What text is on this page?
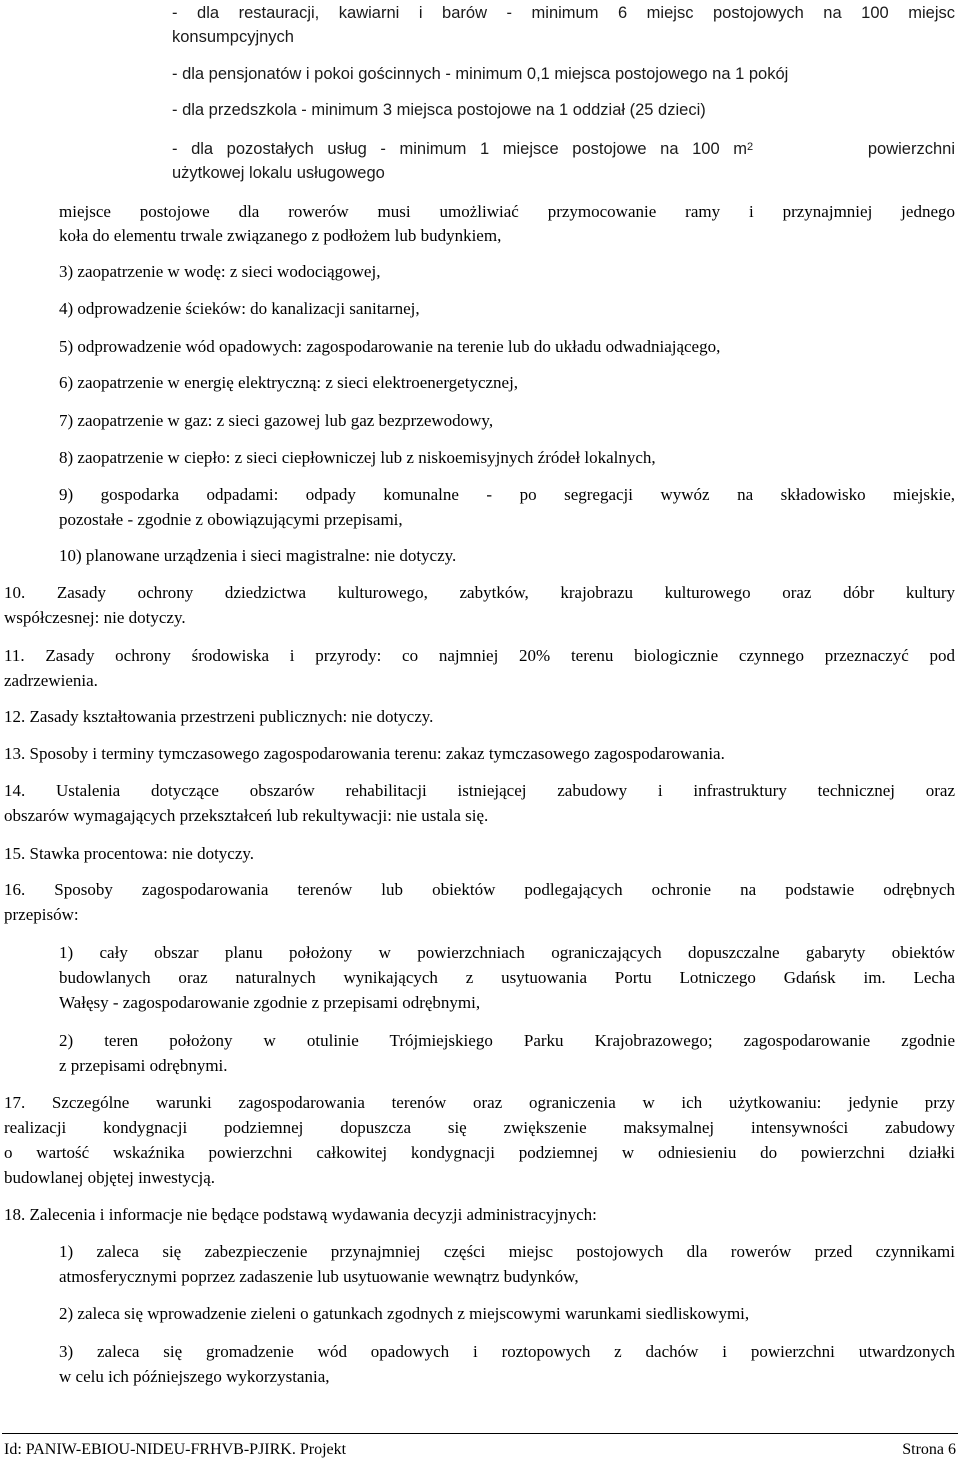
- dla restauracji, kawiarni i barów - minimum 6 miejsc postojowych na 100 miejsc
konsumpcyjnych
- dla pensjonatów i pokoi gościnnych - minimum 0,1 miejsca postojowego na 1 pokój
- dla przedszkola - minimum 3 miejsca postojowe na 1 oddział (25 dzieci)
- dla pozostałych usług - minimum 1 miejsce postojowe na 100 $m^2$	powierzchni
użytkowej lokalu usługowego
miejsce postojowe dla rowerów musi umożliwiać przymocowanie ramy i przynajmniej jednego
koła do elementu trwale związanego z podłożem lub budynkiem,
3) zaopatrzenie w wodę: z sieci wodociągowej,
4) odprowadzenie ścieków: do kanalizacji sanitarnej,
5) odprowadzenie wód opadowych: zagospodarowanie na terenie lub do układu odwadniającego,
6) zaopatrzenie w energię elektryczną: z sieci elektroenergetycznej,
7) zaopatrzenie w gaz: z sieci gazowej lub gaz bezprzewodowy,
8) zaopatrzenie w ciepło: z sieci ciepłowniczej lub z niskoemisyjnych źródeł lokalnych,
9) gospodarka odpadami: odpady komunalne - po segregacji wywóz na składowisko miejskie,
pozostałe - zgodnie z obowiązującymi przepisami,
10) planowane urządzenia i sieci magistralne: nie dotyczy.
10. Zasady ochrony dziedzictwa kulturowego, zabytków, krajobrazu kulturowego oraz dóbr kultury
współczesnej: nie dotyczy.
11. Zasady ochrony środowiska i przyrody: co najmniej 20% terenu biologicznie czynnego przeznaczyć pod
zadrzewienia.
12. Zasady kształtowania przestrzeni publicznych: nie dotyczy.
13. Sposoby i terminy tymczasowego zagospodarowania terenu: zakaz tymczasowego zagospodarowania.
14. Ustalenia dotyczące obszarów rehabilitacji istniejącej zabudowy i infrastruktury technicznej oraz
obszarów wymagających przekształceń lub rekultywacji: nie ustala się.
15. Stawka procentowa: nie dotyczy.
16. Sposoby zagospodarowania terenów lub obiektów podlegających ochronie na podstawie odrębnych
przepisów:
1) cały obszar planu położony w powierzchniach ograniczających dopuszczalne gabaryty obiektów
budowlanych oraz naturalnych wynikających z usytuowania Portu Lotniczego Gdańsk im. Lecha
Wałęsy - zagospodarowanie zgodnie z przepisami odrębnymi,
2) teren położony w otulinie Trójmiejskiego Parku Krajobrazowego; zagospodarowanie zgodnie
z przepisami odrębnymi.
17. Szczególne warunki zagospodarowania terenów oraz ograniczenia w ich użytkowaniu: jedynie przy
realizacji kondygnacji podziemnej dopuszcza się zwiększenie maksymalnej intensywności zabudowy
o wartość wskaźnika powierzchni całkowitej kondygnacji podziemnej w odniesieniu do powierzchni działki
budowlanej objętej inwestycją.
18. Zalecenia i informacje nie będące podstawą wydawania decyzji administracyjnych:
1) zaleca się zabezpieczenie przynajmniej części miejsc postojowych dla rowerów przed czynnikami
atmosferycznymi poprzez zadaszenie lub usytuowanie wewnątrz budynków,
2) zaleca się wprowadzenie zieleni o gatunkach zgodnych z miejscowymi warunkami siedliskowymi,
3) zaleca się gromadzenie wód opadowych i roztopowych z dachów i powierzchni utwardzonych
w celu ich późniejszego wykorzystania,
Id: PANIW-EBIOU-NIDEU-FRHVB-PJIRK. Projekt	Strona 6
